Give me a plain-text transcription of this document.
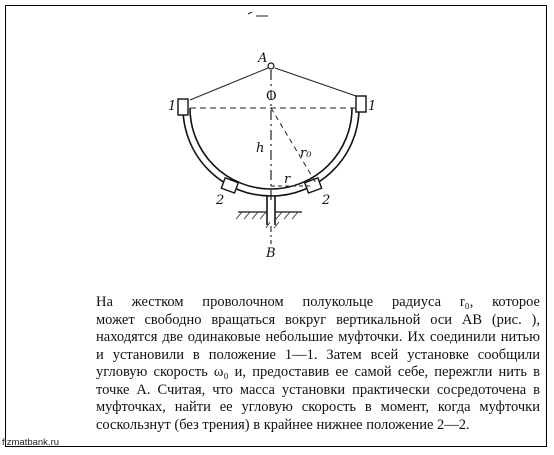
A
B
O
1	1
2	2
h
r
r₀

На жестком проволочном полукольце радиуса r₀, которое
может свободно вращаться вокруг вертикальной оси AB (рис. ),
находятся две одинаковые небольшие муфточки. Их соединили нитью
и установили в положение 1—1. Затем всей установке сообщили
угловую скорость ω₀ и, предоставив ее самой себе, пережгли нить в
точке A. Считая, что масса установки практически сосредоточена в
муфточках, найти ее угловую скорость в момент, когда муфточки
соскользнут (без трения) в крайнее нижнее положение 2—2.

fizmatbank.ru
